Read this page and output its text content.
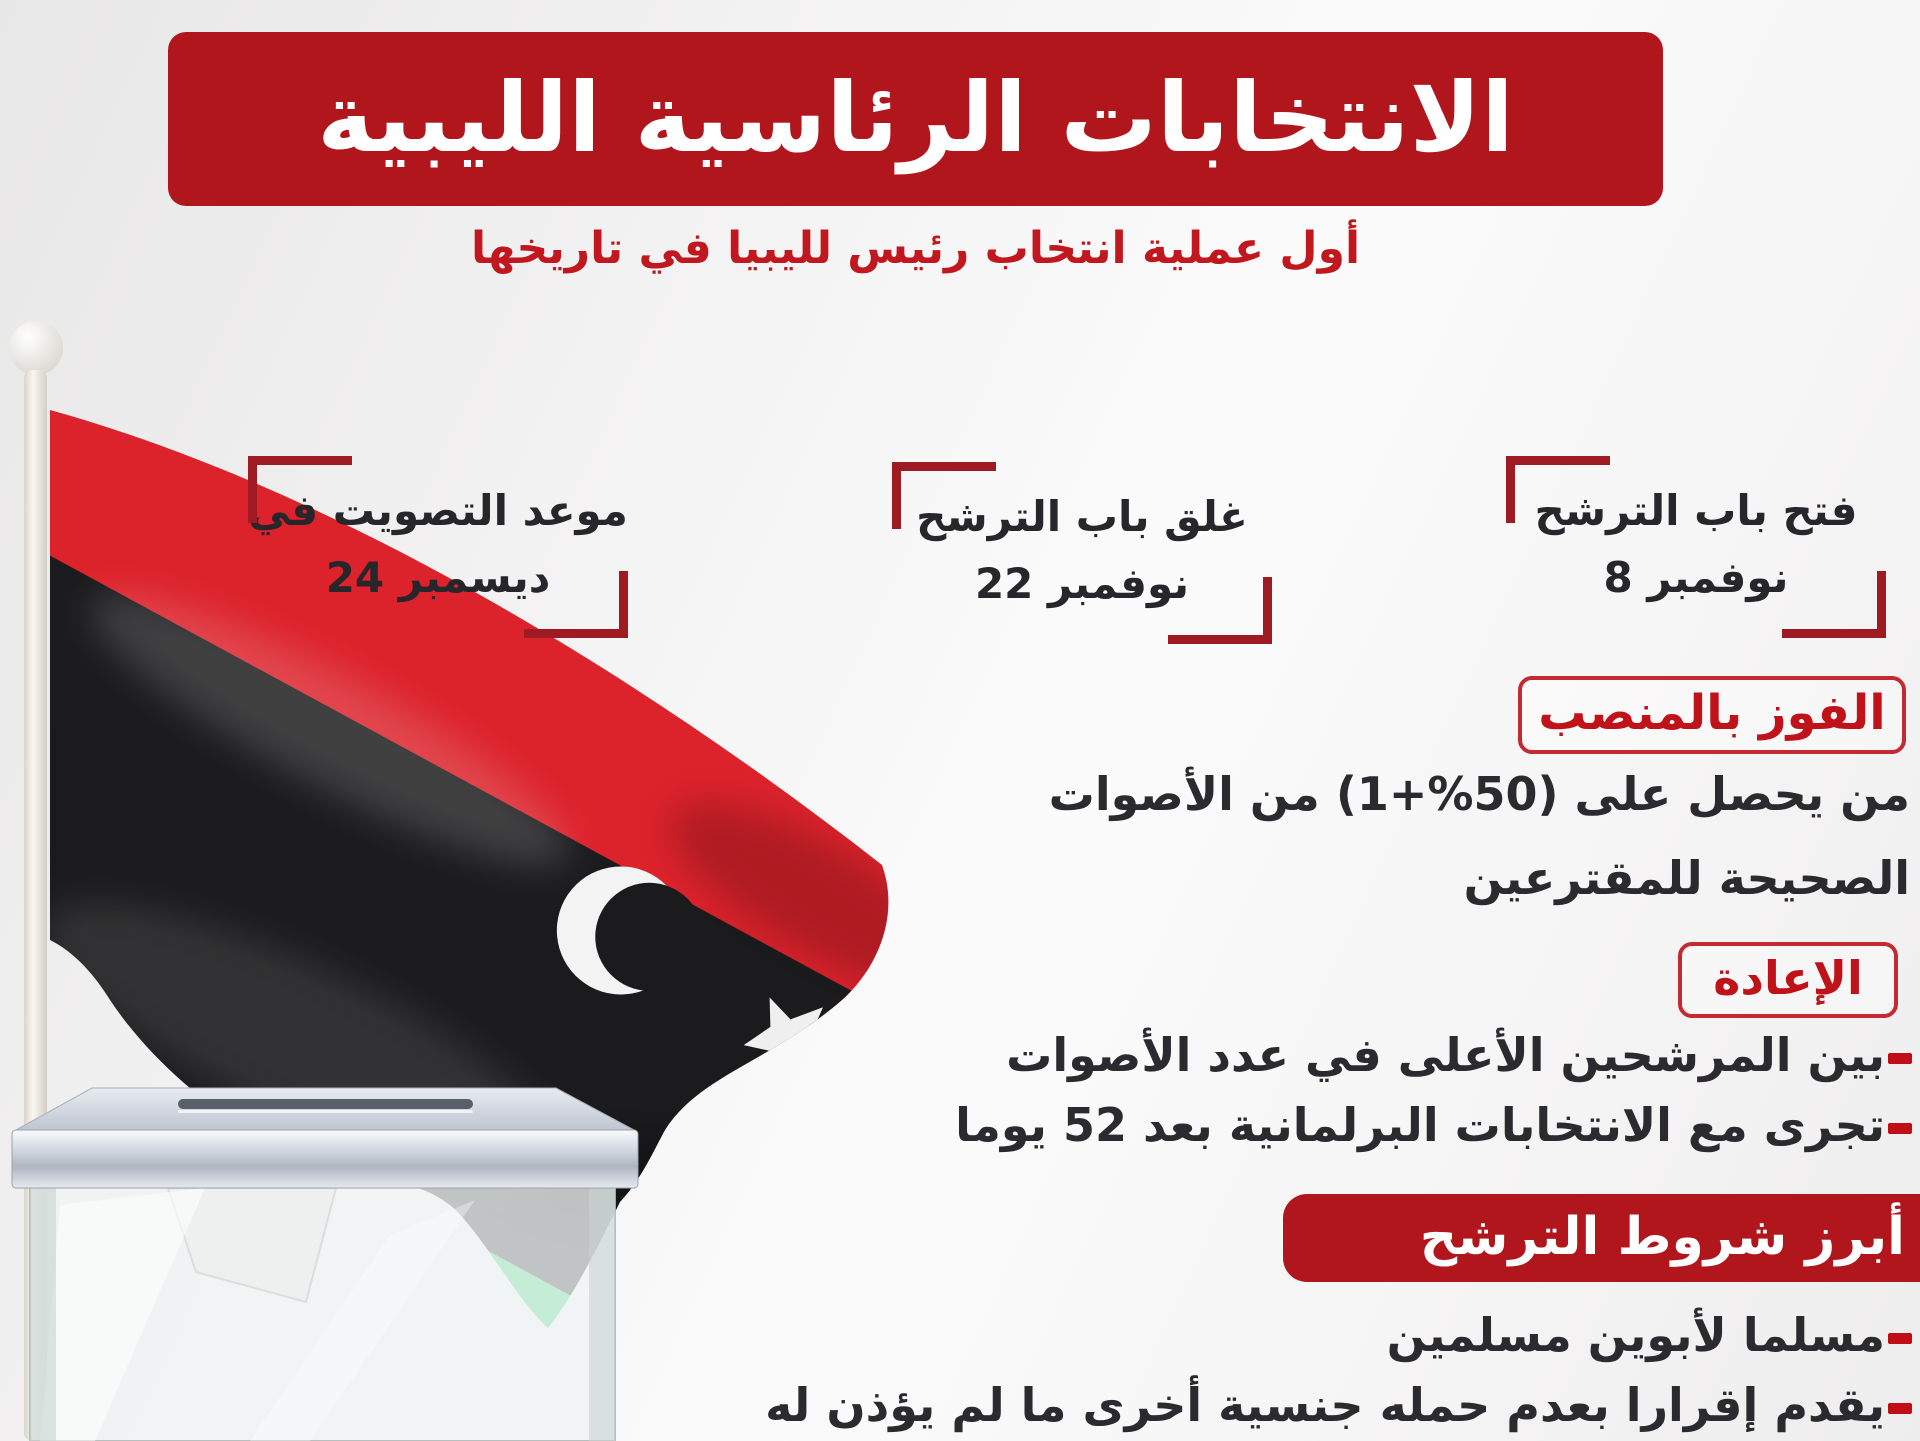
الانتخابات الرئاسية الليبية
أول عملية انتخاب رئيس لليبيا في تاريخها
فتح باب الترشح
8 نوفمبر
غلق باب الترشح
22 نوفمبر
موعد التصويت في
24 ديسمبر
الفوز بالمنصب
من يحصل على (1+%50) من الأصوات
الصحيحة للمقترعين
الإعادة
بين المرشحين الأعلى في عدد الأصوات
تجرى مع الانتخابات البرلمانية بعد 52 يوما
أبرز شروط الترشح
مسلما لأبوين مسلمين
يقدم إقرارا بعدم حمله جنسية أخرى ما لم يؤذن له
